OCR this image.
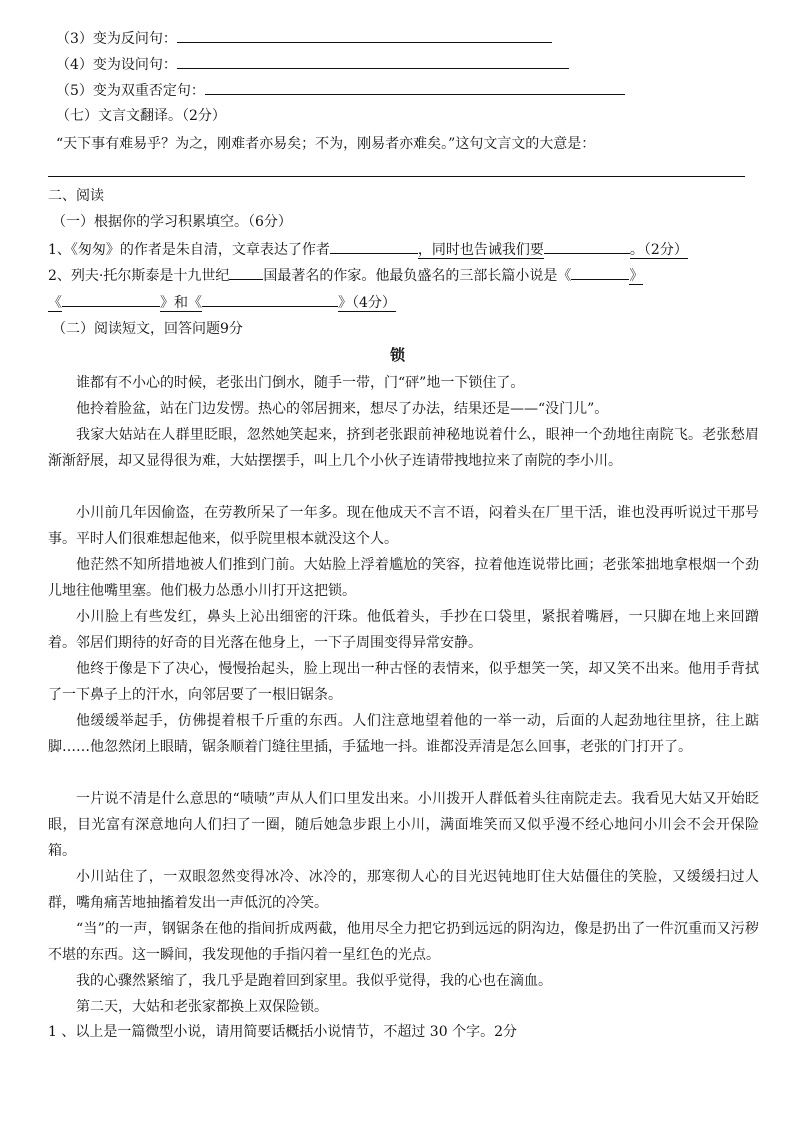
（3）变为反问句：
（4）变为设问句：
（5）变为双重否定句：
（七）文言文翻译。（2分）
“天下事有难易乎？为之，刚难者亦易矣；不为，刚易者亦难矣。”这句文言文的大意是：
二、阅读
（一）根据你的学习积累填空。（6分）
1、《匆匆》的作者是朱自清，文章表达了作者	，同时也告诫我们要	。（2分）
2、列夫·托尔斯泰是十九世纪 国最著名的作家。他最负盛名的三部长篇小说是《	》
《	》和《	》（4分）
（二）阅读短文，回答问题9分
锁
谁都有不小心的时候，老张出门倒水，随手一带，门“砰”地一下锁住了。
他拎着脸盆，站在门边发愣。热心的邻居拥来，想尽了办法，结果还是——“没门儿”。
我家大姑站在人群里眨眼，忽然她笑起来，挤到老张跟前神秘地说着什么，眼神一个劲地往南院飞。老张愁眉渐渐舒展，却又显得很为难，大姑摆摆手，叫上几个小伙子连请带拽地拉来了南院的李小川。
小川前几年因偷盗，在劳教所呆了一年多。现在他成天不言不语，闷着头在厂里干活，谁也没再听说过干那号事。平时人们很难想起他来，似乎院里根本就没这个人。
他茫然不知所措地被人们推到门前。大姑脸上浮着尴尬的笑容，拉着他连说带比画；老张笨拙地拿根烟一个劲儿地往他嘴里塞。他们极力怂恿小川打开这把锁。
小川脸上有些发红，鼻头上沁出细密的汗珠。他低着头，手抄在口袋里，紧抿着嘴唇，一只脚在地上来回蹭着。邻居们期待的好奇的目光落在他身上，一下子周围变得异常安静。
他终于像是下了决心，慢慢抬起头，脸上现出一种古怪的表情来，似乎想笑一笑，却又笑不出来。他用手背拭了一下鼻子上的汗水，向邻居要了一根旧锯条。
他缓缓举起手，仿佛提着根千斤重的东西。人们注意地望着他的一举一动，后面的人起劲地往里挤，往上踮脚……他忽然闭上眼睛，锯条顺着门缝往里插，手猛地一抖。谁都没弄清是怎么回事，老张的门打开了。
一片说不清是什么意思的“啧啧”声从人们口里发出来。小川拨开人群低着头往南院走去。我看见大姑又开始眨眼，目光富有深意地向人们扫了一圈，随后她急步跟上小川，满面堆笑而又似乎漫不经心地问小川会不会开保险箱。
小川站住了，一双眼忽然变得冰冷、冰冷的，那寒彻人心的目光迟钝地盯住大姑僵住的笑脸，又缓缓扫过人群，嘴角痛苦地抽搐着发出一声低沉的冷笑。
“当”的一声，钢锯条在他的指间折成两截，他用尽全力把它扔到远远的阴沟边，像是扔出了一件沉重而又污秽不堪的东西。这一瞬间，我发现他的手指闪着一星红色的光点。
我的心骤然紧缩了，我几乎是跑着回到家里。我似乎觉得，我的心也在滴血。
第二天，大姑和老张家都换上双保险锁。
1 、以上是一篇微型小说，请用简要话概括小说情节，不超过 30 个字。2分
